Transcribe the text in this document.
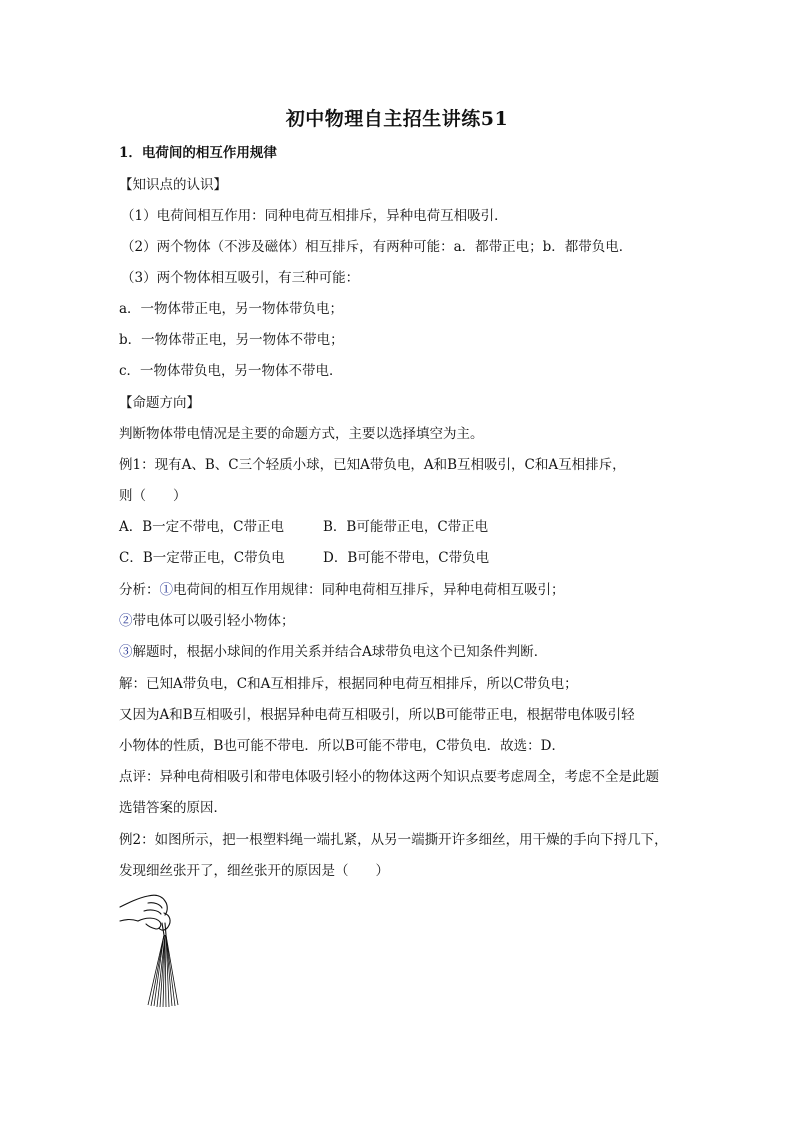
初中物理自主招生讲练51
1．电荷间的相互作用规律
【知识点的认识】
（1）电荷间相互作用：同种电荷互相排斥，异种电荷互相吸引．
（2）两个物体（不涉及磁体）相互排斥，有两种可能：a．都带正电；b．都带负电．
（3）两个物体相互吸引，有三种可能：
a．一物体带正电，另一物体带负电；
b．一物体带正电，另一物体不带电；
c．一物体带负电，另一物体不带电．
【命题方向】
判断物体带电情况是主要的命题方式，主要以选择填空为主。
例1：现有A、B、C三个轻质小球，已知A带负电，A和B互相吸引，C和A互相排斥，
则（　　）
A．B一定不带电，C带正电	B．B可能带正电，C带正电
C．B一定带正电，C带负电	D．B可能不带电，C带负电
分析：①电荷间的相互作用规律：同种电荷相互排斥，异种电荷相互吸引；
②带电体可以吸引轻小物体；
③解题时，根据小球间的作用关系并结合A球带负电这个已知条件判断．
解：已知A带负电，C和A互相排斥，根据同种电荷互相排斥，所以C带负电；
又因为A和B互相吸引，根据异种电荷互相吸引，所以B可能带正电，根据带电体吸引轻
小物体的性质，B也可能不带电．所以B可能不带电，C带负电．故选：D．
点评：异种电荷相吸引和带电体吸引轻小的物体这两个知识点要考虑周全，考虑不全是此题
选错答案的原因．
例2：如图所示，把一根塑料绳一端扎紧，从另一端撕开许多细丝，用干燥的手向下捋几下，
发现细丝张开了，细丝张开的原因是（　　）
